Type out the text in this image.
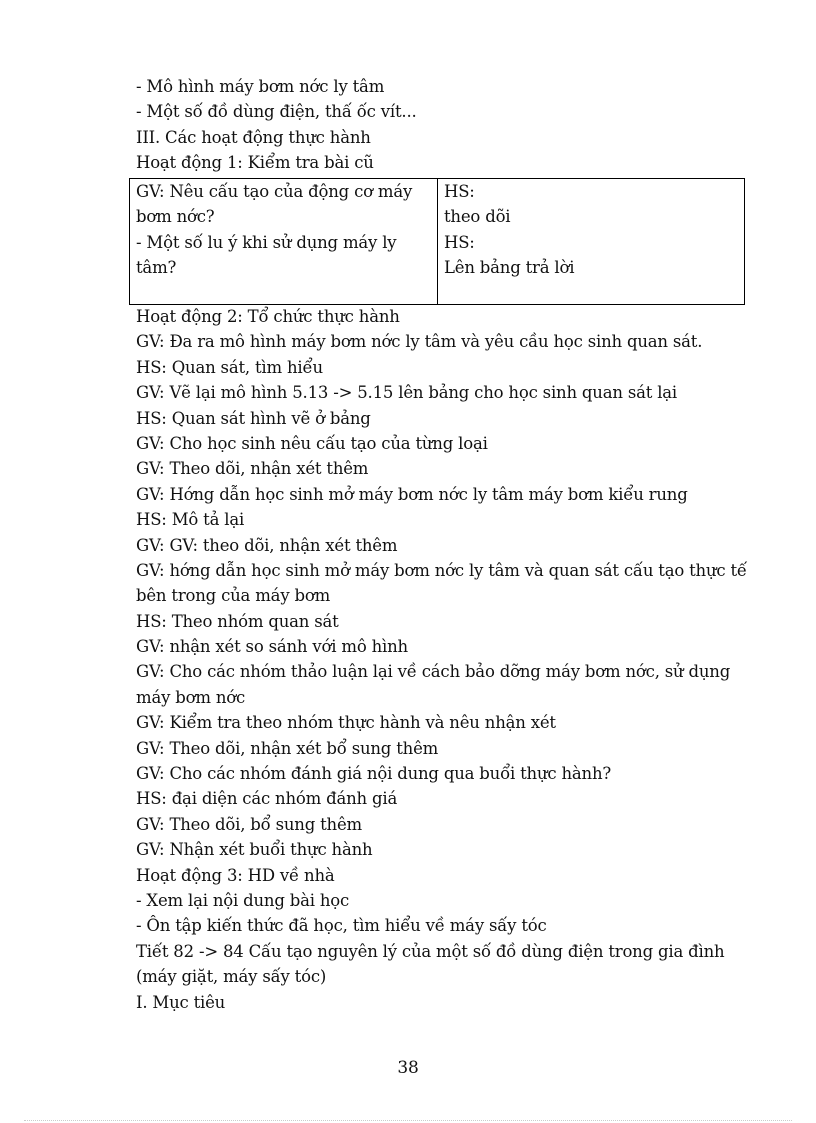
- Mô hình máy bơm nớc ly tâm
- Một số đồ dùng điện, thấ ốc vít...
III. Các hoạt động thực hành
Hoạt động 1: Kiểm tra bài cũ
GV: Nêu cấu tạo của động cơ máy
bơm nớc?
- Một số lu ý khi sử dụng máy ly
tâm?
HS:
theo dõi
HS:
Lên bảng trả lời
Hoạt động 2: Tổ chức thực hành
GV: Đa ra mô hình máy bơm nớc ly tâm và yêu cầu học sinh quan sát.
HS: Quan sát, tìm hiểu
GV: Vẽ lại mô hình 5.13 -> 5.15 lên bảng cho học sinh quan sát lại
HS: Quan sát hình vẽ ở bảng
GV: Cho học sinh nêu cấu tạo của từng loại
GV: Theo dõi, nhận xét thêm
GV: Hớng dẫn học sinh mở máy bơm nớc ly tâm máy bơm kiểu rung
HS: Mô tả lại
GV: GV: theo dõi, nhận xét thêm
GV: hớng dẫn học sinh mở máy bơm nớc ly tâm và quan sát cấu tạo thực tế
bên trong của máy bơm
HS: Theo nhóm quan sát
GV: nhận xét so sánh với mô hình
GV: Cho các nhóm thảo luận lại về cách bảo dỡng máy bơm nớc, sử dụng
máy bơm nớc
GV: Kiểm tra theo nhóm thực hành và nêu nhận xét
GV: Theo dõi, nhận xét bổ sung thêm
GV: Cho các nhóm đánh giá nội dung qua buổi thực hành?
HS: đại diện các nhóm đánh giá
GV: Theo dõi, bổ sung thêm
GV: Nhận xét buổi thực hành
Hoạt động 3: HD về nhà
- Xem lại nội dung bài học
- Ôn tập kiến thức đã học, tìm hiểu về máy sấy tóc
Tiết 82 -> 84 Cấu tạo nguyên lý của một số đồ dùng điện trong gia đình
(máy giặt, máy sấy tóc)
I. Mục tiêu
38
